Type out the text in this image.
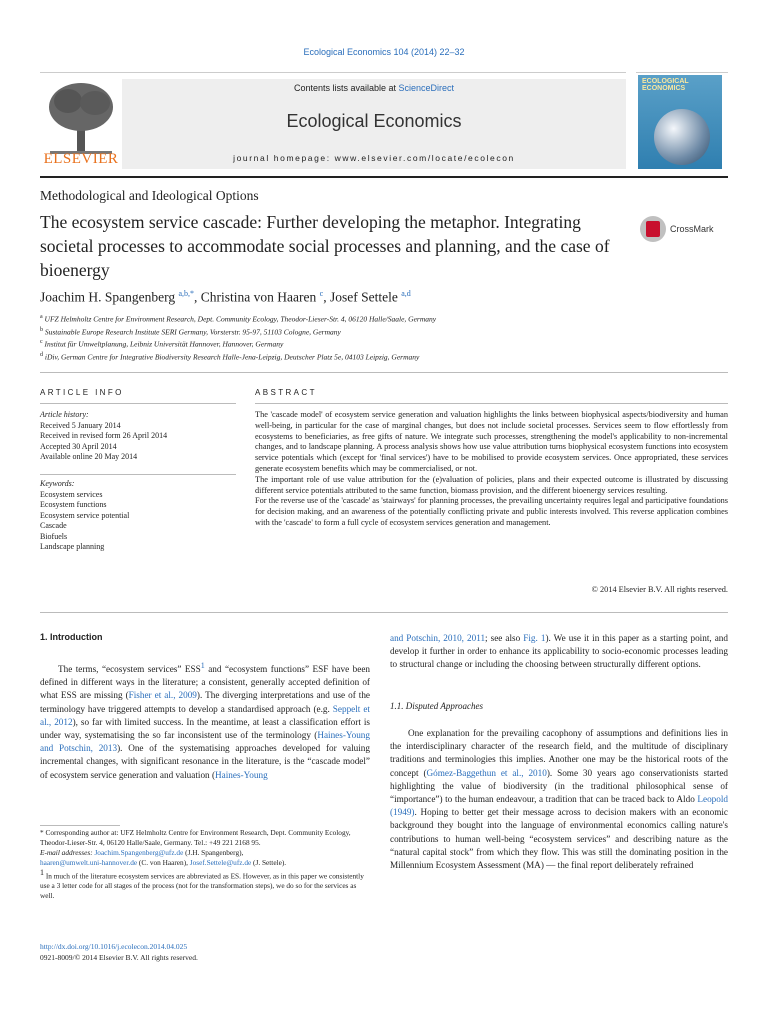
Ecological Economics 104 (2014) 22–32
ELSEVIER
Contents lists available at ScienceDirect
Ecological Economics
journal homepage: www.elsevier.com/locate/ecolecon
ECOLOGICAL ECONOMICS
Methodological and Ideological Options
The ecosystem service cascade: Further developing the metaphor. Integrating societal processes to accommodate social processes and planning, and the case of bioenergy
CrossMark
Joachim H. Spangenberg $^{a,b,*}$, Christina von Haaren $^c$, Josef Settele $^{a,d}$
$^a$ UFZ Helmholtz Centre for Environment Research, Dept. Community Ecology, Theodor-Lieser-Str. 4, 06120 Halle/Saale, Germany
$^b$ Sustainable Europe Research Institute SERI Germany, Vorsterstr. 95-97, 51103 Cologne, Germany
$^c$ Institut für Umweltplanung, Leibniz Universität Hannover, Hannover, Germany
$^d$ iDiv, German Centre for Integrative Biodiversity Research Halle-Jena-Leipzig, Deutscher Platz 5e, 04103 Leipzig, Germany
ARTICLE INFO
Article history:
Received 5 January 2014
Received in revised form 26 April 2014
Accepted 30 April 2014
Available online 20 May 2014
Keywords:
Ecosystem services
Ecosystem functions
Ecosystem service potential
Cascade
Biofuels
Landscape planning
ABSTRACT

The 'cascade model' of ecosystem service generation and valuation highlights the links between biophysical aspects/biodiversity and human well-being, in particular for the case of marginal changes, but does not include societal processes. Services seem to flow effortlessly from ecosystems to beneficiaries, as free gifts of nature. We integrate such processes, strengthening the model's applicability to non-incremental changes, and to landscape planning. A process analysis shows how use value attribution turns biophysical ecosystem functions into ecosystem service potentials which (except for 'final services') have to be mobilised to provide ecosystem services. Once appropriated, these services generate ecosystem benefits which may be commercialised, or not.

The important role of use value attribution for the (e)valuation of policies, plans and their expected outcome is illustrated by discussing different service potentials attributed to the same function, biomass provision, and the different bioenergy services resulting.

For the reverse use of the 'cascade' as 'stairways' for planning processes, the prevailing uncertainty requires legal and participative foundations for decision making, and an awareness of the potentially conflicting private and public interests involved. This reverse application combines with the 'cascade' to form a full cycle of ecosystem services generation and management.

© 2014 Elsevier B.V. All rights reserved.
1. Introduction

The terms, “ecosystem services” ESS$^1$ and “ecosystem functions” ESF have been defined in different ways in the literature; a consistent, generally accepted definition of what ESS are missing (Fisher et al., 2009). The diverging interpretations and use of the terminology have triggered attempts to develop a standardised approach (e.g. Seppelt et al., 2012), so far with limited success. In the meantime, at least a classification effort is under way, systematising the so far inconsistent use of the terminology (Haines-Young and Potschin, 2013). One of the systematising approaches developed for valuing incremental changes, with significant resonance in the literature, is the “cascade model” of ecosystem service generation and valuation (Haines-Young

and Potschin, 2010, 2011; see also Fig. 1). We use it in this paper as a starting point, and develop it further in order to enhance its applicability to socio-economic processes leading to structural change or including the choosing between structurally different options.

1.1. Disputed Approaches

One explanation for the prevailing cacophony of assumptions and definitions lies in the interdisciplinary character of the research field, and the multitude of disciplinary traditions and terminologies this implies. Another one may be the historical roots of the concept (Gómez-Baggethun et al., 2010). Some 30 years ago conservationists started highlighting the value of biodiversity (in the traditional philosophical sense of “importance”) to the human endeavour, a tradition that can be traced back to Aldo Leopold (1949). Hoping to better get their message across to decision makers with an economic background they bought into the language of environmental economics calling nature's contributions to human well-being “ecosystem services” and describing nature as the “natural capital stock” from which they flow. This was still the dominating position in the Millennium Ecosystem Assessment (MA) — the final report deliberately refrained

* Corresponding author at: UFZ Helmholtz Centre for Environment Research, Dept. Community Ecology, Theodor-Lieser-Str. 4, 06120 Halle/Saale, Germany. Tel.: +49 221 2168 95.

E-mail addresses: Joachim.Spangenberg@ufz.de (J.H. Spangenberg),
haaren@umwelt.uni-hannover.de (C. von Haaren), Josef.Settele@ufz.de (J. Settele).

$^1$ In much of the literature ecosystem services are abbreviated as ES. However, as in this paper we consistently use a 3 letter code for all stages of the process (not for the transformation steps), we do so for the services as well.

http://dx.doi.org/10.1016/j.ecolecon.2014.04.025
0921-8009/© 2014 Elsevier B.V. All rights reserved.
